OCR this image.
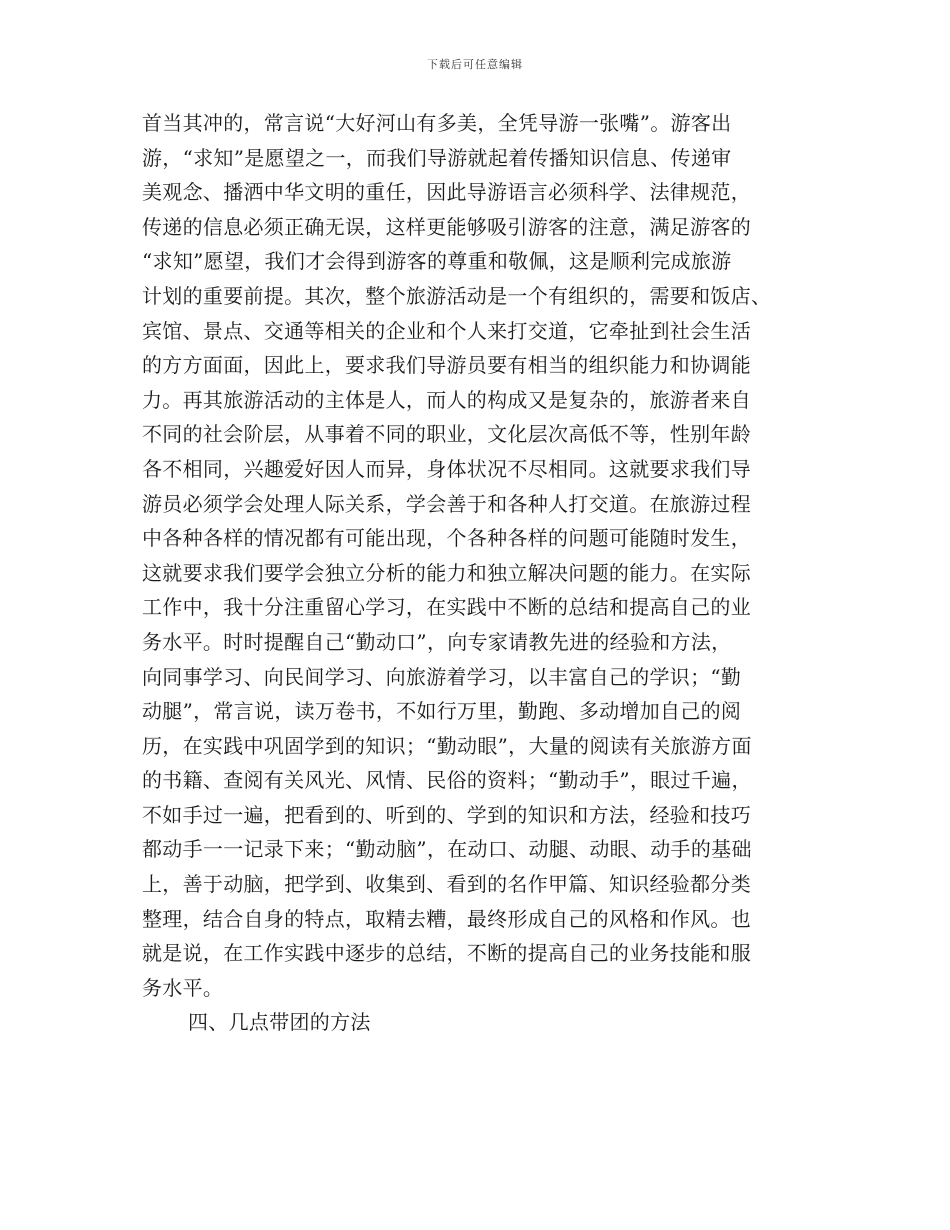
下载后可任意编辑
首当其冲的，常言说“大好河山有多美，全凭导游一张嘴”。游客出
游，“求知”是愿望之一，而我们导游就起着传播知识信息、传递审
美观念、播洒中华文明的重任，因此导游语言必须科学、法律规范，
传递的信息必须正确无误，这样更能够吸引游客的注意，满足游客的
“求知”愿望，我们才会得到游客的尊重和敬佩，这是顺利完成旅游
计划的重要前提。其次，整个旅游活动是一个有组织的，需要和饭店、
宾馆、景点、交通等相关的企业和个人来打交道，它牵扯到社会生活
的方方面面，因此上，要求我们导游员要有相当的组织能力和协调能
力。再其旅游活动的主体是人，而人的构成又是复杂的，旅游者来自
不同的社会阶层，从事着不同的职业，文化层次高低不等，性别年龄
各不相同，兴趣爱好因人而异，身体状况不尽相同。这就要求我们导
游员必须学会处理人际关系，学会善于和各种人打交道。在旅游过程
中各种各样的情况都有可能出现，个各种各样的问题可能随时发生，
这就要求我们要学会独立分析的能力和独立解决问题的能力。在实际
工作中，我十分注重留心学习，在实践中不断的总结和提高自己的业
务水平。时时提醒自己“勤动口”，向专家请教先进的经验和方法，
向同事学习、向民间学习、向旅游着学习，以丰富自己的学识；“勤
动腿”，常言说，读万卷书，不如行万里，勤跑、多动增加自己的阅
历，在实践中巩固学到的知识；“勤动眼”，大量的阅读有关旅游方面
的书籍、查阅有关风光、风情、民俗的资料；“勤动手”，眼过千遍，
不如手过一遍，把看到的、听到的、学到的知识和方法，经验和技巧
都动手一一记录下来；“勤动脑”，在动口、动腿、动眼、动手的基础
上，善于动脑，把学到、收集到、看到的名作甲篇、知识经验都分类
整理，结合自身的特点，取精去糟，最终形成自己的风格和作风。也
就是说，在工作实践中逐步的总结，不断的提高自己的业务技能和服
务水平。
四、几点带团的方法
